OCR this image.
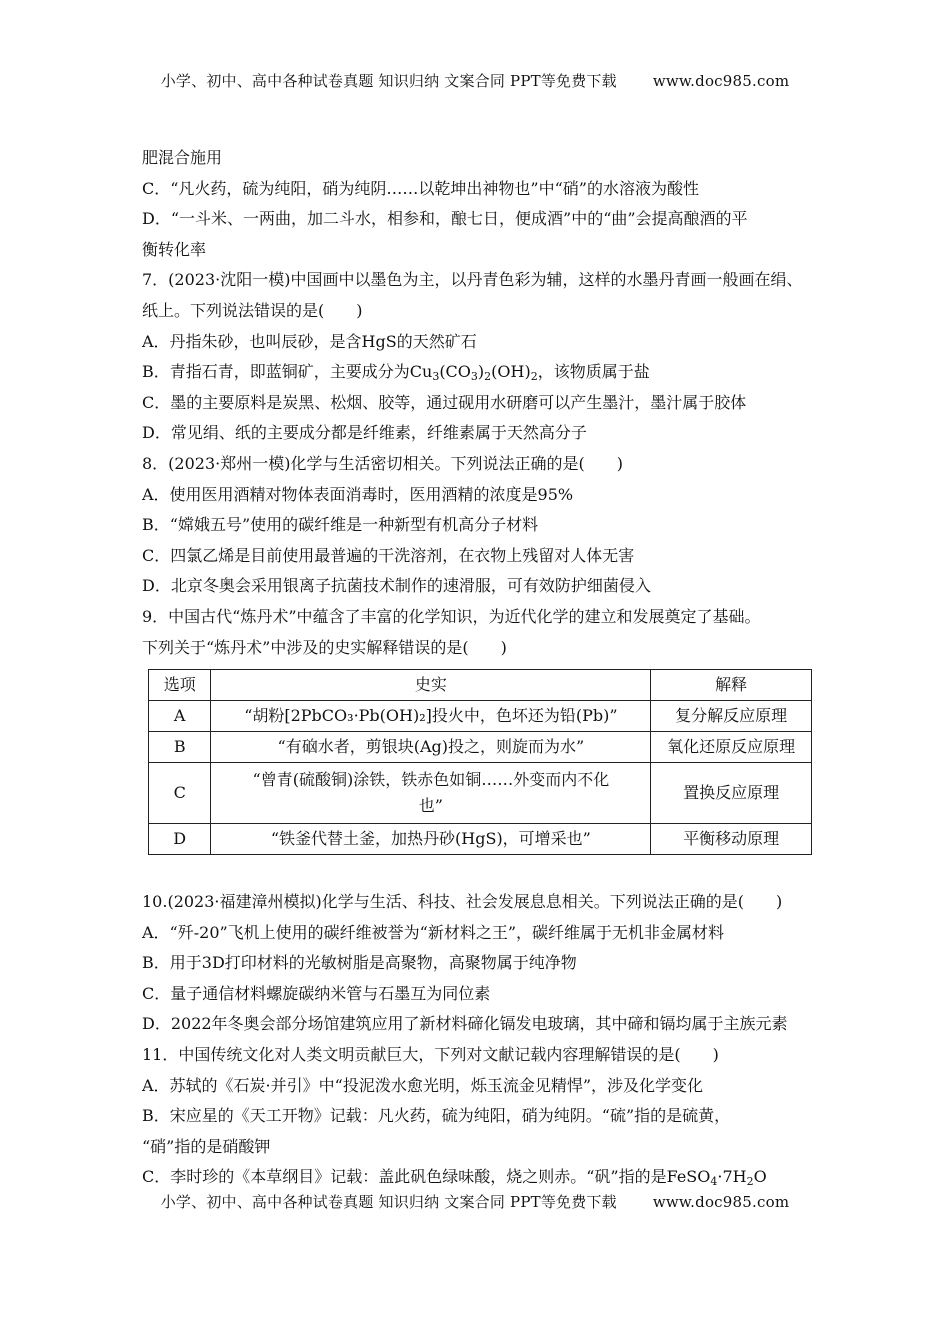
小学、初中、高中各种试卷真题 知识归纳 文案合同 PPT等免费下载 www.doc985.com
肥混合施用
C．“凡火药，硫为纯阳，硝为纯阴……以乾坤出神物也”中“硝”的水溶液为酸性
D．“一斗米、一两曲，加二斗水，相参和，酿七日，便成酒”中的“曲”会提高酿酒的平
衡转化率
7．(2023·沈阳一模)中国画中以墨色为主，以丹青色彩为辅，这样的水墨丹青画一般画在绢、
纸上。下列说法错误的是(　　)
A．丹指朱砂，也叫辰砂，是含HgS的天然矿石
B．青指石青，即蓝铜矿，主要成分为$Cu_3(CO_3)_2(OH)_2$，该物质属于盐
C．墨的主要原料是炭黑、松烟、胶等，通过砚用水研磨可以产生墨汁，墨汁属于胶体
D．常见绢、纸的主要成分都是纤维素，纤维素属于天然高分子
8．(2023·郑州一模)化学与生活密切相关。下列说法正确的是(　　)
A．使用医用酒精对物体表面消毒时，医用酒精的浓度是95%
B．“嫦娥五号”使用的碳纤维是一种新型有机高分子材料
C．四氯乙烯是目前使用最普遍的干洗溶剂，在衣物上残留对人体无害
D．北京冬奥会采用银离子抗菌技术制作的速滑服，可有效防护细菌侵入
9．中国古代“炼丹术”中蕴含了丰富的化学知识，为近代化学的建立和发展奠定了基础。
下列关于“炼丹术”中涉及的史实解释错误的是(　　)
选项	史实	解释
A	“胡粉[2PbCO₃·Pb(OH)₂]投火中，色坏还为铅(Pb)”	复分解反应原理
B	“有硇水者，剪银块(Ag)投之，则旋而为水”	氧化还原反应原理
C	“曾青(硫酸铜)涂铁，铁赤色如铜……外变而内不化
也”	置换反应原理
D	“铁釜代替土釜，加热丹砂(HgS)，可增采也”	平衡移动原理
10.(2023·福建漳州模拟)化学与生活、科技、社会发展息息相关。下列说法正确的是(　　)
A．“歼-20”飞机上使用的碳纤维被誉为“新材料之王”，碳纤维属于无机非金属材料
B．用于3D打印材料的光敏树脂是高聚物，高聚物属于纯净物
C．量子通信材料螺旋碳纳米管与石墨互为同位素
D．2022年冬奥会部分场馆建筑应用了新材料碲化镉发电玻璃，其中碲和镉均属于主族元素
11．中国传统文化对人类文明贡献巨大，下列对文献记载内容理解错误的是(　　)
A．苏轼的《石炭·并引》中“投泥泼水愈光明，烁玉流金见精悍”，涉及化学变化
B．宋应星的《天工开物》记载：凡火药，硫为纯阳，硝为纯阴。“硫”指的是硫黄，
“硝”指的是硝酸钾
C．李时珍的《本草纲目》记载：盖此矾色绿味酸，烧之则赤。“矾”指的是$FeSO_4\cdot 7H_2O$
小学、初中、高中各种试卷真题 知识归纳 文案合同 PPT等免费下载 www.doc985.com
